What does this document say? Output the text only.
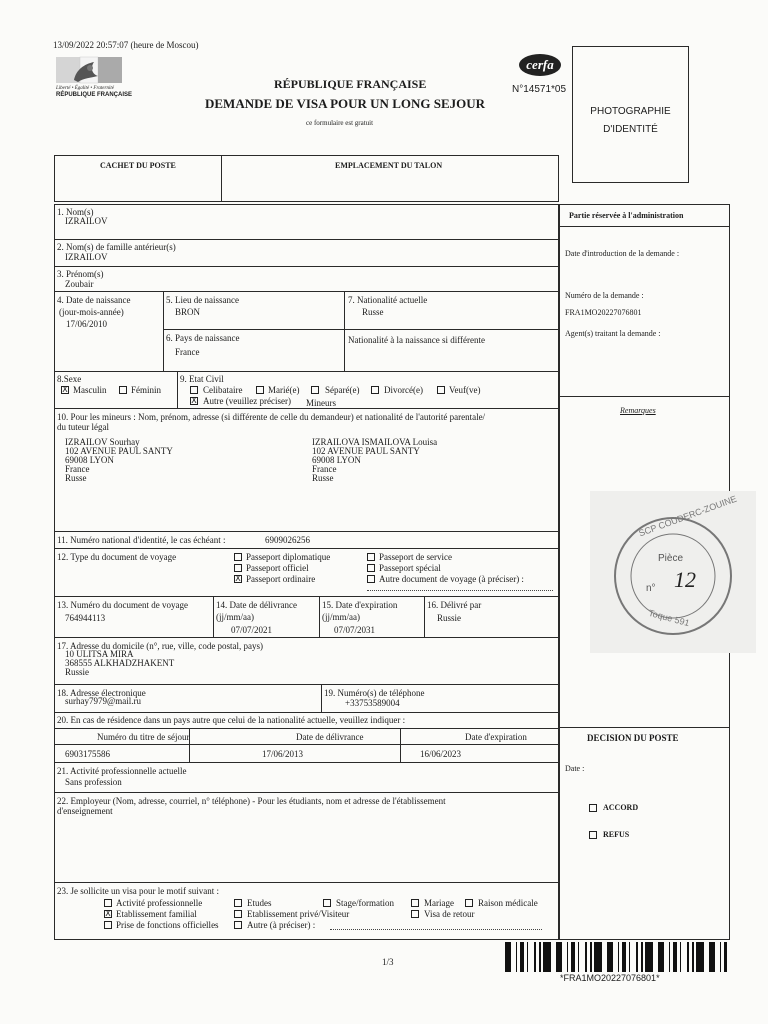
13/09/2022 20:57:07 (heure de Moscou)
Liberté • Égalité • Fraternité
RÉPUBLIQUE FRANÇAISE
RÉPUBLIQUE FRANÇAISE
DEMANDE DE VISA POUR UN LONG SEJOUR
ce formulaire est gratuit
cerfa
N°14571*05
PHOTOGRAPHIE
D'IDENTITÉ
CACHET DU POSTE	EMPLACEMENT DU TALON
1. Nom(s)
IZRAILOV
2. Nom(s) de famille antérieur(s)
IZRAILOV
3. Prénom(s)
Zoubair
4. Date de naissance
(jour-mois-année)
17/06/2010
5. Lieu de naissance
BRON
6. Pays de naissance
France
7. Nationalité actuelle
Russe
Nationalité à la naissance si différente
8.Sexe
X Masculin	Féminin
9. Etat Civil
Celibataire	Marié(e)	Séparé(e)	Divorcé(e)	Veuf(ve)
X Autre (veuillez préciser) Mineurs
10. Pour les mineurs : Nom, prénom, adresse (si différente de celle du demandeur) et nationalité de l'autorité parentale/
du tuteur légal
IZRAILOV Sourhay
102 AVENUE PAUL SANTY
69008 LYON
France
Russe
IZRAILOVA ISMAILOVA Louisa
102 AVENUE PAUL SANTY
69008 LYON
France
Russe
11. Numéro national d'identité, le cas échéant :	6909026256
12. Type du document de voyage	Passeport diplomatique	Passeport de service
Passeport officiel	Passeport spécial
X Passeport ordinaire	Autre document de voyage (à préciser) :
13. Numéro du document de voyage
764944113
14. Date de délivrance
(jj/mm/aa)
07/07/2021
15. Date d'expiration
(jj/mm/aa)
07/07/2031
16. Délivré par
Russie
17. Adresse du domicile (n°, rue, ville, code postal, pays)
10 ULITSA MIRA
368555 ALKHADZHAKENT
Russie
18. Adresse électronique
surhay7979@mail.ru
19. Numéro(s) de téléphone
+33753589004
20. En cas de résidence dans un pays autre que celui de la nationalité actuelle, veuillez indiquer :
Numéro du titre de séjour	Date de délivrance	Date d'expiration
6903175586	17/06/2013	16/06/2023
21. Activité professionnelle actuelle
Sans profession
22. Employeur (Nom, adresse, courriel, n° téléphone) - Pour les étudiants, nom et adresse de l'établissement
d'enseignement
23. Je sollicite un visa pour le motif suivant :
Activité professionnelle	Etudes	Stage/formation	Mariage	Raison médicale
X Etablissement familial	Etablissement privé/Visiteur	Visa de retour
Prise de fonctions officielles	Autre (à préciser) :
Partie réservée à l'administration
Date d'introduction de la demande :
Numéro de la demande :
FRA1MO20227076801
Agent(s) traitant la demande :
Remarques
DECISION DU POSTE
Date :
ACCORD
REFUS
Pièce
n° 12
SCP COUDERC-ZOUINE
Toque 591
1/3
*FRA1MO20227076801*
